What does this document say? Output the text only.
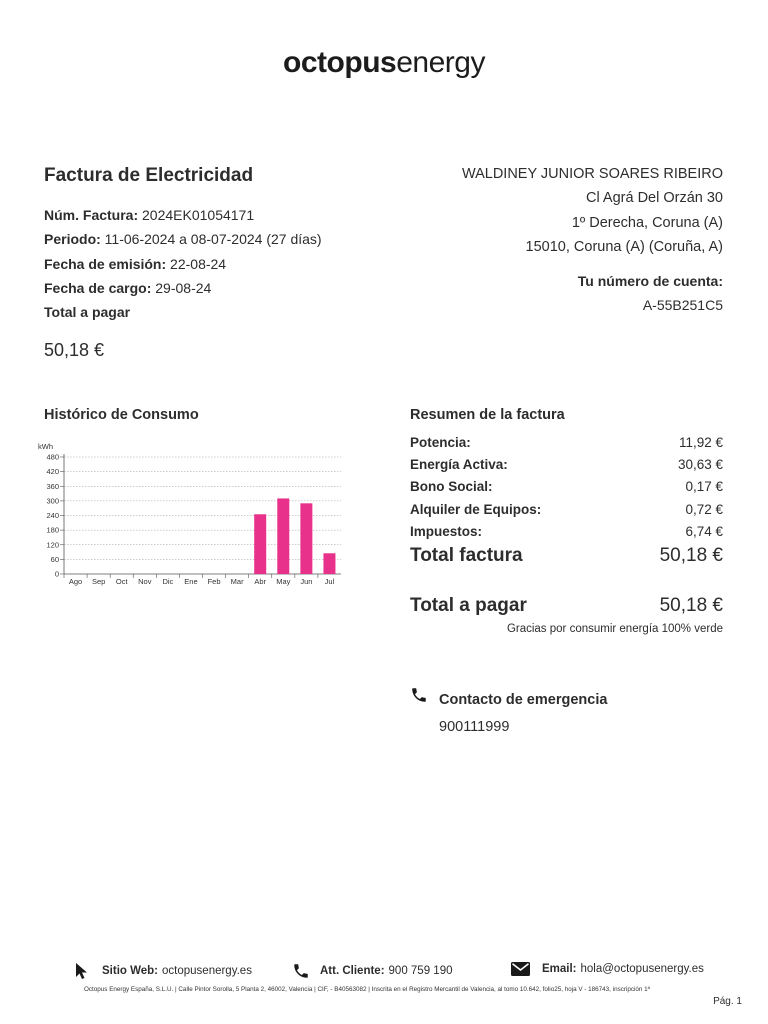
octopusenergy
Factura de Electricidad
Núm. Factura: 2024EK01054171
Periodo: 11-06-2024 a 08-07-2024 (27 días)
Fecha de emisión: 22-08-24
Fecha de cargo: 29-08-24
Total a pagar
50,18 €
WALDINEY JUNIOR SOARES RIBEIRO
Cl Agrá Del Orzán 30
1º Derecha, Coruna (A)
15010, Coruna (A) (Coruña, A)
Tu número de cuenta:
A-55B251C5
Histórico de Consumo
kWh
0
60
120
180
240
300
360
420
480
Ago Sep Oct Nov Dic Ene Feb Mar Abr May Jun Jul
Resumen de la factura
Potencia:	11,92 €
Energía Activa:	30,63 €
Bono Social:	0,17 €
Alquiler de Equipos:	0,72 €
Impuestos:	6,74 €
Total factura	50,18 €
Total a pagar	50,18 €
Gracias por consumir energía 100% verde
Contacto de emergencia
900111999
Sitio Web: octopusenergy.es	Att. Cliente: 900 759 190	Email: hola@octopusenergy.es
Octopus Energy España, S.L.U. | Calle Pintor Sorolla, 5 Planta 2, 46002, Valencia | CIF, - B40563082 | Inscrita en el Registro Mercantil de Valencia, al tomo 10.642, folio25, hoja V - 186743, inscripción 1ª
Pág. 1
